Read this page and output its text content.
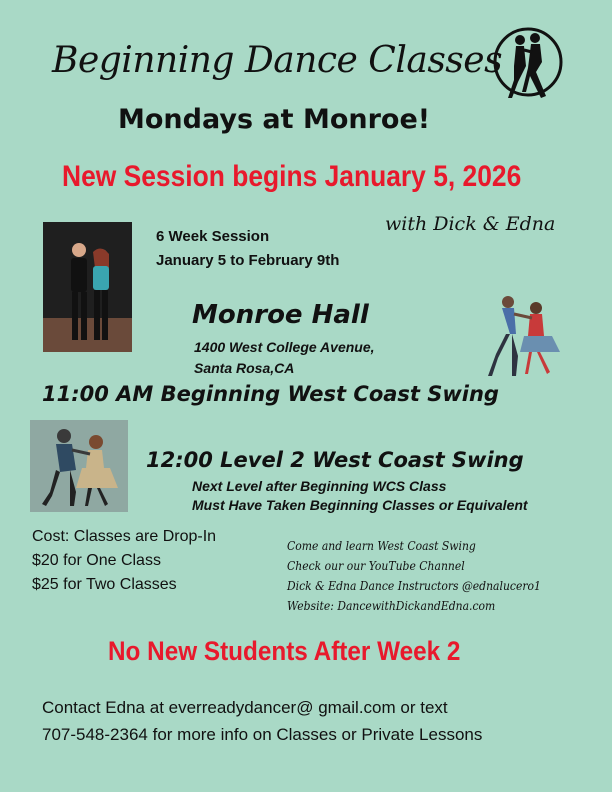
Beginning Dance Classes
Mondays at Monroe!
New Session begins January 5, 2026
6 Week Session
January 5 to February 9th
with Dick & Edna
Monroe Hall
1400 West College Avenue,
Santa Rosa,CA
11:00 AM Beginning West Coast Swing
12:00 Level 2 West Coast Swing
Next Level after Beginning WCS Class
Must Have Taken Beginning Classes or Equivalent
Cost: Classes are Drop-In
$20 for One Class
$25 for Two Classes
Come and learn West Coast Swing
Check our our YouTube Channel
Dick & Edna Dance Instructors @ednalucero1
Website: DancewithDickandEdna.com
No New Students After Week 2
Contact Edna at everreadydancer@ gmail.com or text
707-548-2364 for more info on Classes or Private Lessons
